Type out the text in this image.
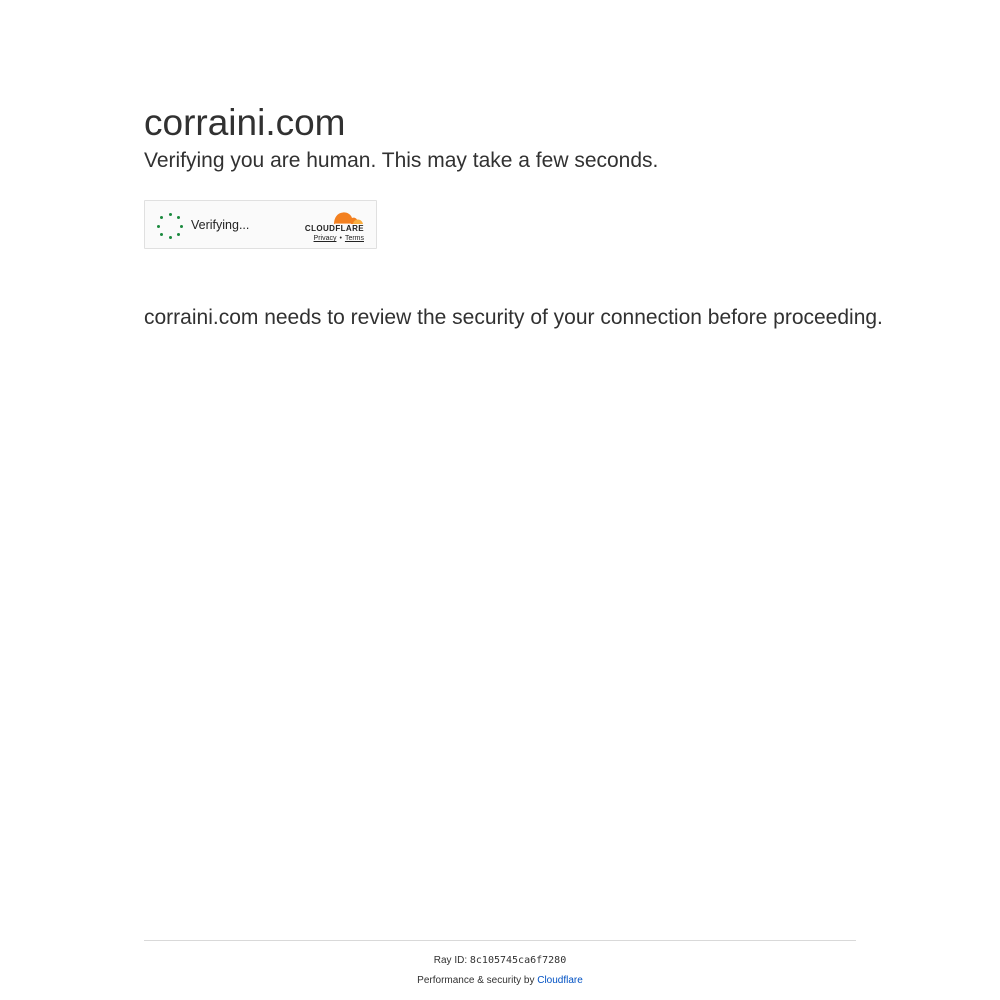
corraini.com
Verifying you are human. This may take a few seconds.
Verifying...	CLOUDFLARE
Privacy • Terms

corraini.com needs to review the security of your connection before proceeding.

Ray ID: 8c105745ca6f7280
Performance & security by Cloudflare
